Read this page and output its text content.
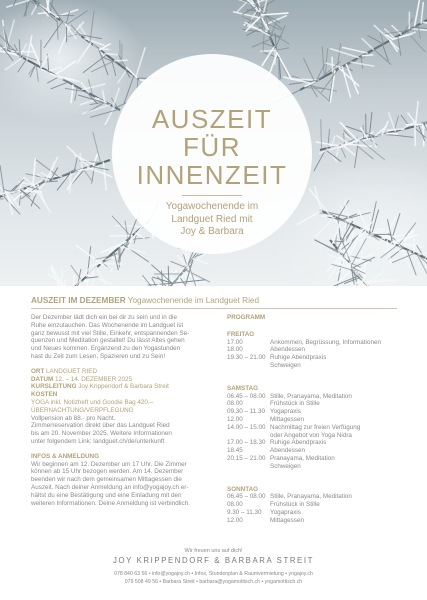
AUSZEIT
FÜR
INNENZEIT
Yogawochenende im
Landguet Ried mit
Joy & Barbara
AUSZEIT IM DEZEMBER Yogawochenende im Landguet Ried

Der Dezember lädt dich ein bei dir zu sein und in die

Ruhe einzutauchen. Das Wochenende im Landguet ist

ganz bewusst mit viel Stille, Einkehr, entspannenden Se-

quenzen und Meditation gestaltet! Du lässt Altes gehen

und Neues kommen. Ergänzend zu den Yogastunden

hast du Zeit zum Lesen, Spazieren und zu Sein!

ORT LANDGUET RIED

DATUM 12. – 14. DEZEMBER 2025

KURSLEITUNG Joy Krippendorf & Barbara Streit

KOSTEN

YOGA inkl. Notizheft und Goodie Bag 420.–

ÜBERNACHTUNG/VERPFLEGUNG

Vollpension ab 88.- pro Nacht.

Zimmerreservation direkt über das Landguet Ried

bis am 20. November 2025. Weitere Informationen

unter folgendem Link: landguet.ch/de/unterkunft

INFOS & ANMELDUNG

Wir beginnen am 12. Dezember um 17 Uhr. Die Zimmer

können ab 15 Uhr bezogen werden. Am 14. Dezember

beenden wir nach dem gemeinsamen Mittagessen die

Auszeit. Nach deiner Anmeldung an info@yogajoy.ch er-

hältst du eine Bestätigung und eine Einladung mit den

weiteren Informationen. Deine Anmeldung ist verbindlich.

PROGRAMM
FREITAG
17.00	Ankommen, Begrüssung, Informationen
18.00	Abendessen
19.30 – 21.00 Ruhige Abendpraxis
Schweigen
SAMSTAG
06.45 – 08.00 Stille, Pranayama, Meditation
08.00	Frühstück in Stille
09.30 – 11.30 Yogapraxis
12.00	Mittagessen
14.00 – 15.00 Nachmittag zur freien Verfügung
oder Angebot von Yoga Nidra
17.00 – 18.30 Ruhige Abendpraxis
18.45	Abendessen
20.15 – 21.00 Pranayama, Meditation
Schweigen
SONNTAG
06.45 – 08.00 Stille, Pranayama, Meditation
08.00	Frühstück in Stille
9.30 – 11.30	Yogapraxis
12.00	Mittagessen
Wir freuen uns auf dich!
JOY KRIPPENDORF & BARBARA STREIT
078 840 63 56 • info@yogajoy.ch • Infos, Stundenplan & Raumvermietung • yogajoy.ch
079 508 49 56 • Barbara Streit • barbara@yogamottisch.ch • yogamottisch.ch
